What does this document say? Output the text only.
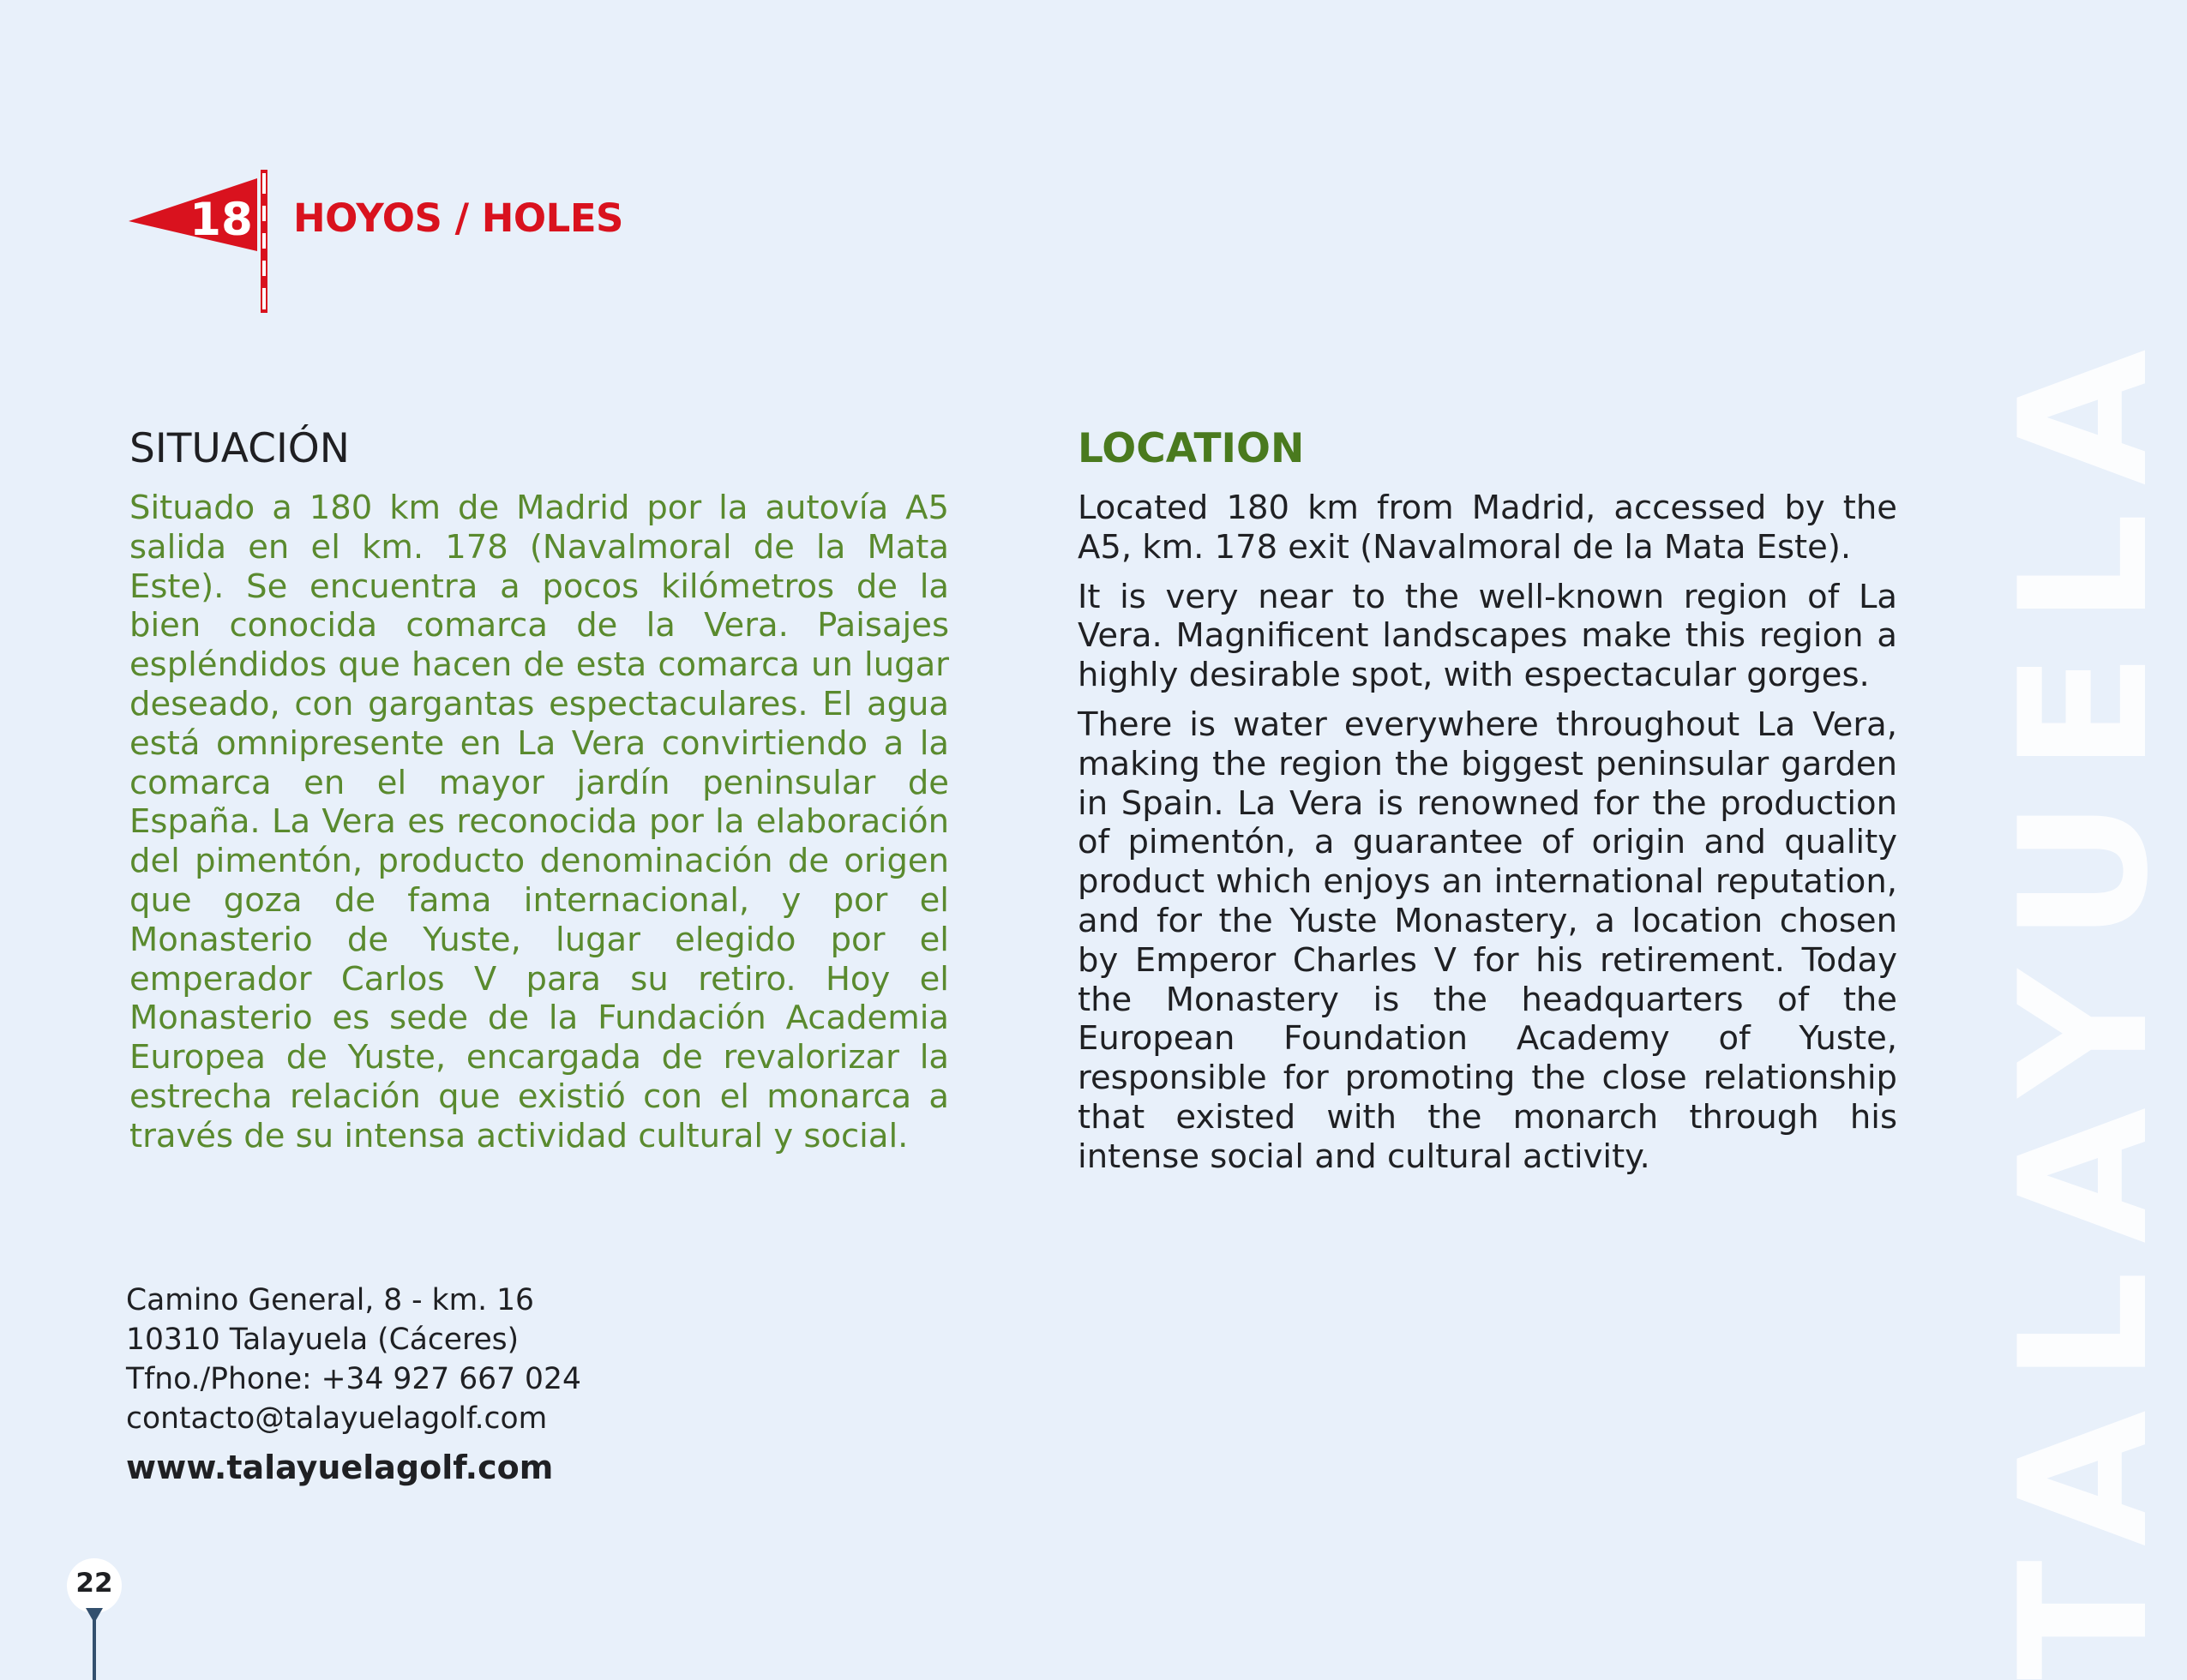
TALAYUELA
18 HOYOS / HOLES
SITUACIÓN

Situado a 180 km de Madrid por la autovía A5 salida en el km. 178 (Navalmoral de la Mata Este). Se encuentra a pocos kilómetros de la bien conocida comarca de la Vera. Paisajes espléndidos que hacen de esta comarca un lugar deseado, con gargantas espectaculares. El agua está omnipresente en La Vera convirtiendo a la comarca en el mayor jardín peninsular de España. La Vera es reconocida por la elaboración del pimentón, producto denominación de origen que goza de fama internacional, y por el Monasterio de Yuste, lugar elegido por el emperador Carlos V para su retiro. Hoy el Monasterio es sede de la Fundación Academia Europea de Yuste, encargada de revalorizar la estrecha relación que existió con el monarca a través de su intensa actividad cultural y social.

LOCATION

Located 180 km from Madrid, accessed by the A5, km. 178 exit (Navalmoral de la Mata Este).

It is very near to the well-known region of La Vera. Magnificent landscapes make this region a highly desirable spot, with espectacular gorges.

There is water everywhere throughout La Vera, making the region the biggest peninsular garden in Spain. La Vera is renowned for the production of pimentón, a guarantee of origin and quality product which enjoys an international reputation, and for the Yuste Monastery, a location chosen by Emperor Charles V for his retirement. Today the Monastery is the headquarters of the European Foundation Academy of Yuste, responsible for promoting the close relationship that existed with the monarch through his intense social and cultural activity.

Camino General, 8 - km. 16
10310 Talayuela (Cáceres)
Tfno./Phone: +34 927 667 024
contacto@talayuelagolf.com
www.talayuelagolf.com
22
